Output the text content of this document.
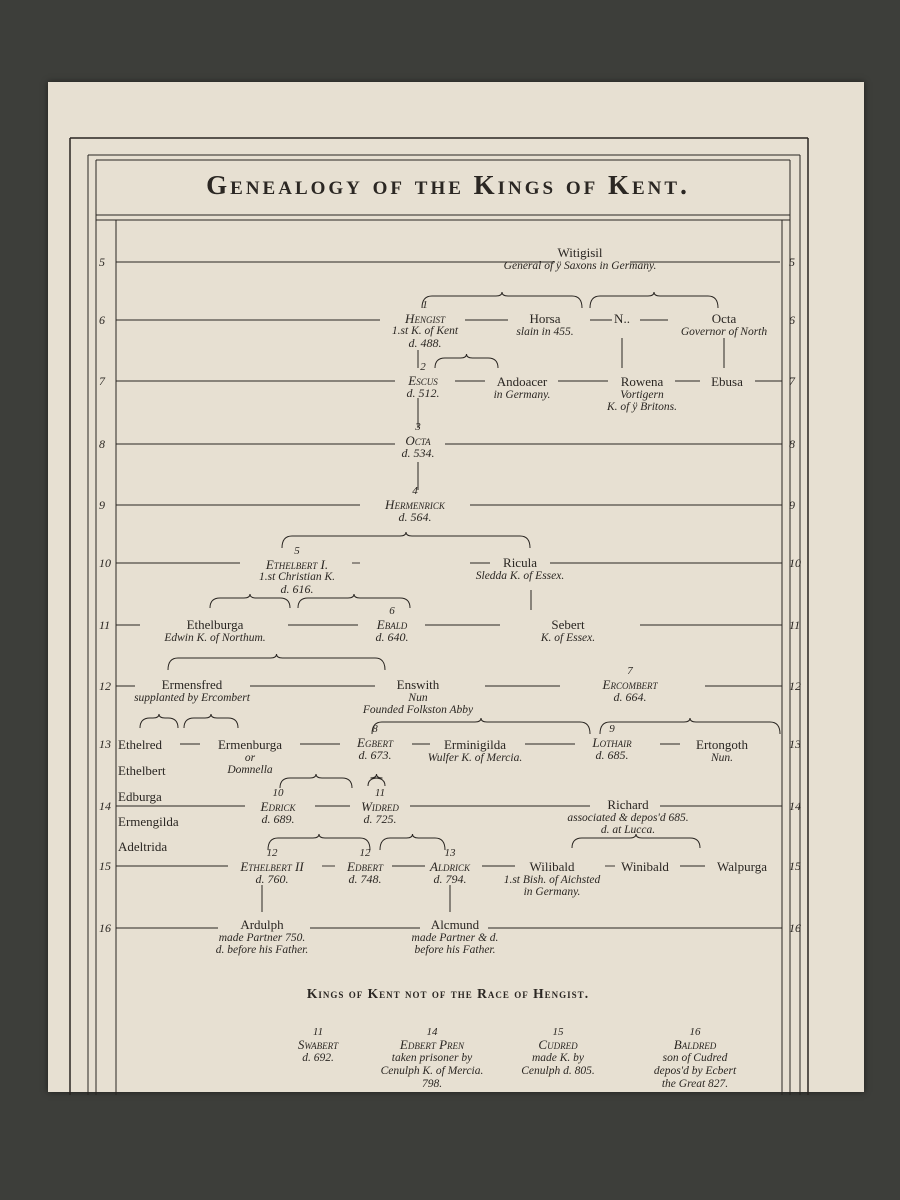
Genealogy of the Kings of Kent.
5
6
7
8
9
10
11
12
13
14
15
16
5
6
7
8
9
10
11
12
13
14
15
16
Witigisil
General of ÿ Saxons in Germany.
1
Hengist
1.st K. of Kent
d. 488.
Horsa
slain in 455.
N..	Octa
Governor of North
2
Escus
d. 512.
Andoacer
in Germany.
Rowena
Vortigern
K. of ÿ Britons.
Ebusa
3
Octa
d. 534.
4
Hermenrick
d. 564.
5
Ethelbert I.
1.st Christian K.
d. 616.
Ricula
Sledda K. of Essex.
Ethelburga
Edwin K. of Northum.
6
Ebald
d. 640.
Sebert
K. of Essex.
Ermensfred
supplanted by Ercombert
Enswith
Nun
Founded Folkston Abby
7
Ercombert
d. 664.
Ethelred
Ethelbert
Ermenburga
or
Domnella
8
Egbert
d. 673.
Erminigilda
Wulfer K. of Mercia.
9
Lothair
d. 685.
Ertongoth
Nun.
Edburga
Ermengilda
Adeltrida
10
Edrick
d. 689.
11
Widred
d. 725.
Richard
associated & depos'd 685.
d. at Lucca.
12
Ethelbert II
d. 760.
12
Edbert
d. 748.
13
Aldrick
d. 794.
Wilibald
1.st Bish. of Aichsted
in Germany.
Winibald	Walpurga
Ardulph
made Partner 750.
d. before his Father.
Alcmund
made Partner & d.
before his Father.
Kings of Kent not of the Race of Hengist.
11
Swabert
d. 692.
14
Edbert Pren
taken prisoner by
Cenulph K. of Mercia.
798.
15
Cudred
made K. by
Cenulph d. 805.
16
Baldred
son of Cudred
depos'd by Ecbert
the Great 827.
